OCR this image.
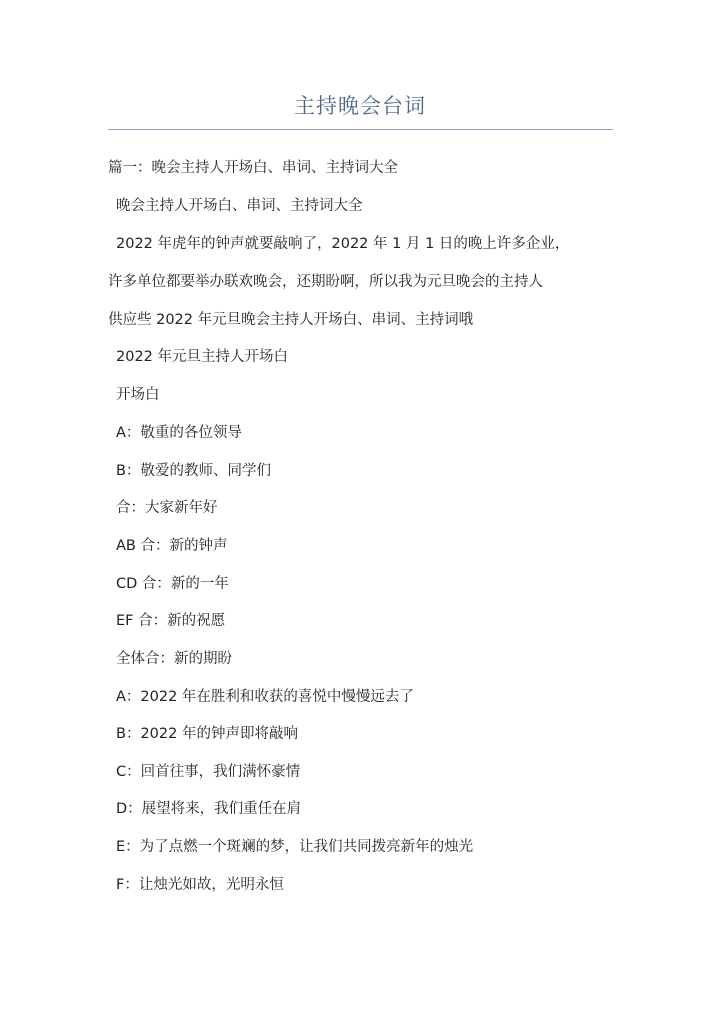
主持晚会台词
篇一：晚会主持人开场白、串词、主持词大全
晚会主持人开场白、串词、主持词大全
2022 年虎年的钟声就要敲响了，2022 年 1 月 1 日的晚上许多企业，
许多单位都要举办联欢晚会，还期盼啊，所以我为元旦晚会的主持人
供应些 2022 年元旦晚会主持人开场白、串词、主持词哦
2022 年元旦主持人开场白
开场白
A：敬重的各位领导
B：敬爱的教师、同学们
合：大家新年好
AB 合：新的钟声
CD 合：新的一年
EF 合：新的祝愿
全体合：新的期盼
A：2022 年在胜利和收获的喜悦中慢慢远去了
B：2022 年的钟声即将敲响
C：回首往事，我们满怀豪情
D：展望将来，我们重任在肩
E：为了点燃一个斑斓的梦，让我们共同拨亮新年的烛光
F：让烛光如故，光明永恒
